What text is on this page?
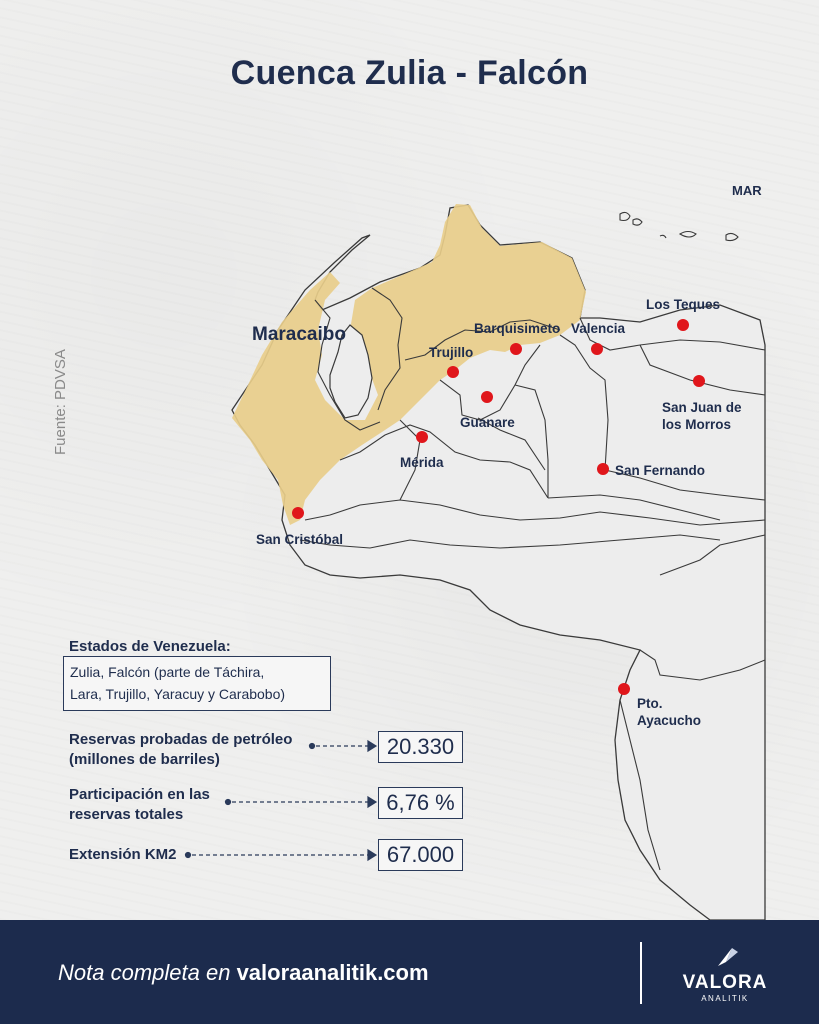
Cuenca Zulia - Falcón
Fuente: PDVSA
MAR
Maracaibo
Los Teques
Barquisimeto Valencia
Trujillo
Guanare
San Juan de
los Morros
Mérida
San Fernando
San Cristóbal
Pto.
Ayacucho
Estados de Venezuela:
Zulia, Falcón (parte de Táchira,
Lara, Trujillo, Yaracuy y Carabobo)
Reservas probadas de petróleo
(millones de barriles)
20.330
Participación en las
reservas totales	6,76 %
Extensión KM2	67.000
Nota completa en valoraanalitik.com	VALORA
ANALITIK
